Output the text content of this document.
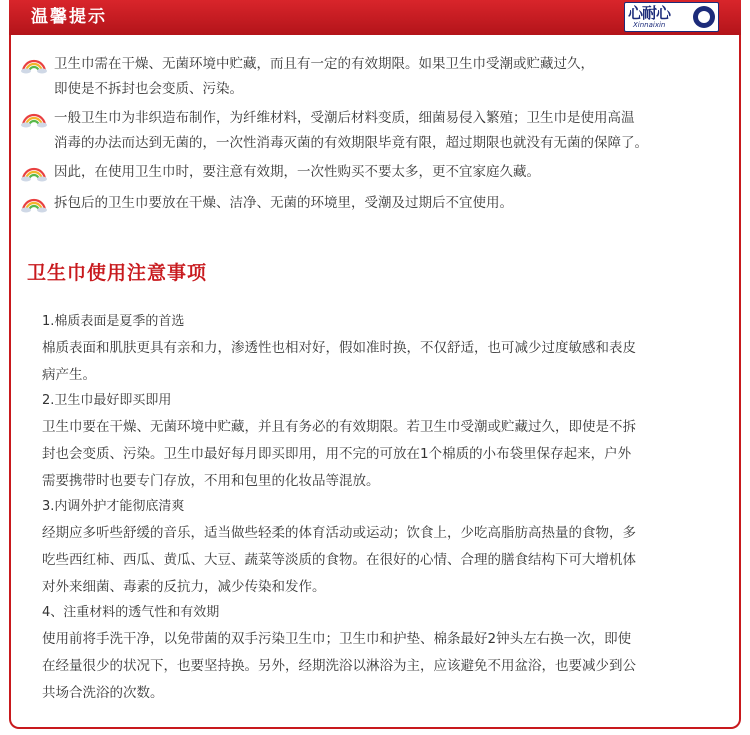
温馨提示	心耐心
Xinnaixin
卫生巾需在干燥、无菌环境中贮藏，而且有一定的有效期限。如果卫生巾受潮或贮藏过久，
即使是不拆封也会变质、污染。
一般卫生巾为非织造布制作，为纤维材料，受潮后材料变质，细菌易侵入繁殖；卫生巾是使用高温
消毒的办法而达到无菌的，一次性消毒灭菌的有效期限毕竟有限，超过期限也就没有无菌的保障了。
因此，在使用卫生巾时，要注意有效期，一次性购买不要太多，更不宜家庭久藏。
拆包后的卫生巾要放在干燥、洁净、无菌的环境里，受潮及过期后不宜使用。
卫生巾使用注意事项
1.棉质表面是夏季的首选
棉质表面和肌肤更具有亲和力，渗透性也相对好，假如准时换，不仅舒适，也可减少过度敏感和表皮
病产生。
2.卫生巾最好即买即用
卫生巾要在干燥、无菌环境中贮藏，并且有务必的有效期限。若卫生巾受潮或贮藏过久，即使是不拆
封也会变质、污染。卫生巾最好每月即买即用，用不完的可放在1个棉质的小布袋里保存起来，户外
需要携带时也要专门存放，不用和包里的化妆品等混放。
3.内调外护才能彻底清爽
经期应多听些舒缓的音乐，适当做些轻柔的体育活动或运动；饮食上，少吃高脂肪高热量的食物，多
吃些西红柿、西瓜、黄瓜、大豆、蔬菜等淡质的食物。在很好的心情、合理的膳食结构下可大增机体
对外来细菌、毒素的反抗力，减少传染和发作。
4、注重材料的透气性和有效期
使用前将手洗干净，以免带菌的双手污染卫生巾；卫生巾和护垫、棉条最好2钟头左右换一次，即使
在经量很少的状况下，也要坚持换。另外，经期洗浴以淋浴为主，应该避免不用盆浴，也要减少到公
共场合洗浴的次数。
